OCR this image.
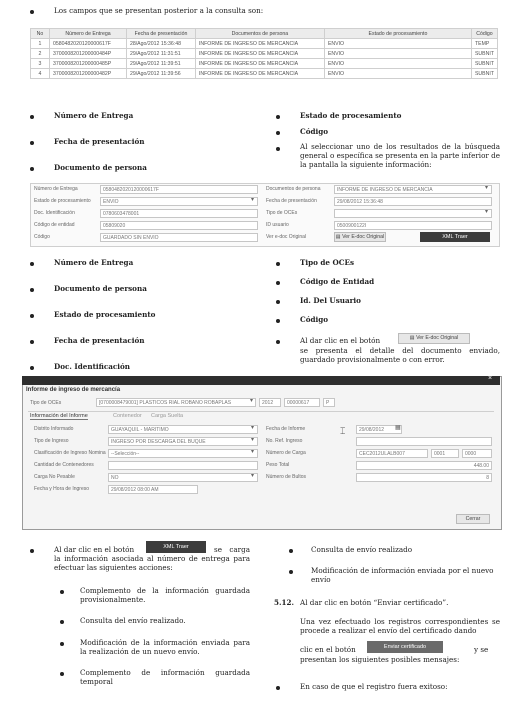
Los campos que se presentan posterior a la consulta son:
No	Número de Entrega	Fecha de presentación	Documentos de persona	Estado de procesamiento	Código
1	0580482020120000617F	28/Ago/2012 15:36:48	INFORME DE INGRESO DE MERCANCIA	ENVIO	TEMP
2	3700008201200000484P	29/Ago/2012 11:31:51	INFORME DE INGRESO DE MERCANCIA	ENVIO	SUBNIT
3	3700008201200000485P	29/Ago/2012 11:39:51	INFORME DE INGRESO DE MERCANCIA	ENVIO	SUBNIT
4	3700008201200000482P	29/Ago/2012 11:39:56	INFORME DE INGRESO DE MERCANCIA	ENVIO	SUBNIT
Número de Entrega
Fecha de presentación
Documento de persona
Estado de procesamiento
Código
Al seleccionar uno de los resultados de la búsqueda general o específica se presenta en la parte inferior de la pantalla la siguiente información:
Número de Entrega	0580482020120000617F
Estado de procesamiento	ENVIO	▾
Doc. Identificación	0780603478001
Código de entidad	05809020
Código	GUARDADO SIN ENVIO
Documentos de persona	INFORME DE INGRESO DE MERCANCIA	▾
Fecha de presentación	29/08/2012 15:36:48
Tipo de OCEs	▾
ID usuario	0500900122I
Ver e-doc Original	▤ Ver E-doc Original	XML Traer
Número de Entrega
Documento de persona
Estado de procesamiento
Fecha de presentación
Doc. Identificación
Tipo de OCEs
Código de Entidad
Id. Del Usuario
Código
Al dar clic en el botón	▤ Ver E-doc Original
se presenta el detalle del documento enviado, guardado provisionalmente o con error.
×
Informe de ingreso de mercancía
Tipo de OCEs	[0700008479001] PLASTICOS RIAL ROBANO ROBAPLAS	▾	2012	00000617	P
Información del Informe	Contenedor Carga Suelta
⌶
Distrito Informado	GUAYAQUIL - MARITIMO	▾
Tipo de Ingreso	INGRESO POR DESCARGA DEL BUQUE	▾
Clasificación de Ingreso Nomina	--Selección--	▾
Cantidad de Contenedores
Carga No Pesable	NO	▾
Fecha y Hora de Ingreso	29/08/2012 08:00 AM
Fecha de Informe	29/08/2012	▦
No. Ref. Ingreso
Número de Carga	CEC2012ULALB007	0001	0000
Peso Total	448.00
Número de Bultos	8
Cerrar
Al dar clic en el botón	XML Traer	se carga la información asociada al número de entrega para efectuar las siguientes acciones:
Complemento de la información guardada provisionalmente.
Consulta del envío realizado.
Modificación de la información enviada para la realización de un nuevo envío.
Complemento de información guardada temporal
Consulta de envío realizado
Modificación de información enviada por el nuevo envío
5.12. Al dar clic en botón “Enviar certificado”.
Una vez efectuado los registros correspondientes se procede a realizar el envío del certificado dando
clic en el botón	Enviar certificado	y se
presentan los siguientes posibles mensajes:
En caso de que el registro fuera exitoso:
